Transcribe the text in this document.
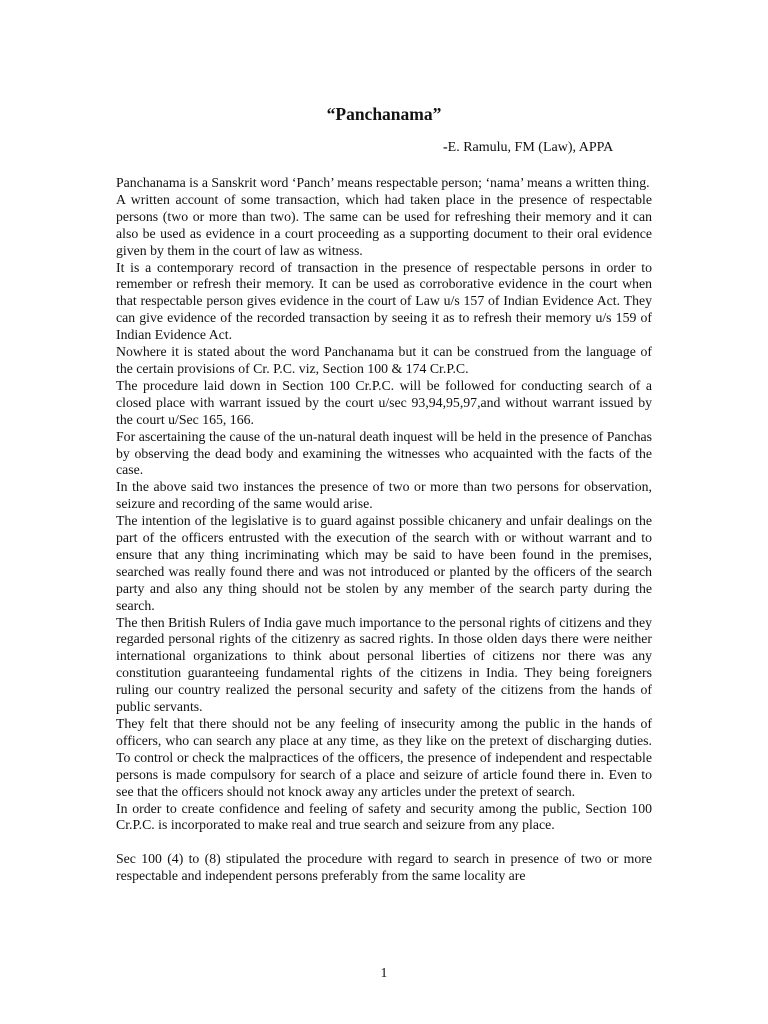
“Panchanama”

-E. Ramulu, FM (Law), APPA

Panchanama is a Sanskrit word ‘Panch’ means respectable person; ‘nama’ means a written thing.

A written account of some transaction, which had taken place in the presence of respectable persons (two or more than two). The same can be used for refreshing their memory and it can also be used as evidence in a court proceeding as a supporting document to their oral evidence given by them in the court of law as witness.

It is a contemporary record of transaction in the presence of respectable persons in order to remember or refresh their memory. It can be used as corroborative evidence in the court when that respectable person gives evidence in the court of Law u/s 157 of Indian Evidence Act. They can give evidence of the recorded transaction by seeing it as to refresh their memory u/s 159 of Indian Evidence Act.

Nowhere it is stated about the word Panchanama but it can be construed from the language of the certain provisions of Cr. P.C. viz, Section 100 & 174 Cr.P.C.

The procedure laid down in Section 100 Cr.P.C. will be followed for conducting search of a closed place with warrant issued by the court u/sec 93,94,95,97,and without warrant issued by the court u/Sec 165, 166.

For ascertaining the cause of the un-natural death inquest will be held in the presence of Panchas by observing the dead body and examining the witnesses who acquainted with the facts of the case.

In the above said two instances the presence of two or more than two persons for observation, seizure and recording of the same would arise.

The intention of the legislative is to guard against possible chicanery and unfair dealings on the part of the officers entrusted with the execution of the search with or without warrant and to ensure that any thing incriminating which may be said to have been found in the premises, searched was really found there and was not introduced or planted by the officers of the search party and also any thing should not be stolen by any member of the search party during the search.

The then British Rulers of India gave much importance to the personal rights of citizens and they regarded personal rights of the citizenry as sacred rights. In those olden days there were neither international organizations to think about personal liberties of citizens nor there was any constitution guaranteeing fundamental rights of the citizens in India. They being foreigners ruling our country realized the personal security and safety of the citizens from the hands of public servants.

They felt that there should not be any feeling of insecurity among the public in the hands of officers, who can search any place at any time, as they like on the pretext of discharging duties. To control or check the malpractices of the officers, the presence of independent and respectable persons is made compulsory for search of a place and seizure of article found there in. Even to see that the officers should not knock away any articles under the pretext of search.

In order to create confidence and feeling of safety and security among the public, Section 100 Cr.P.C. is incorporated to make real and true search and seizure from any place.

Sec 100 (4) to (8) stipulated the procedure with regard to search in presence of two or more respectable and independent persons preferably from the same locality are

1
